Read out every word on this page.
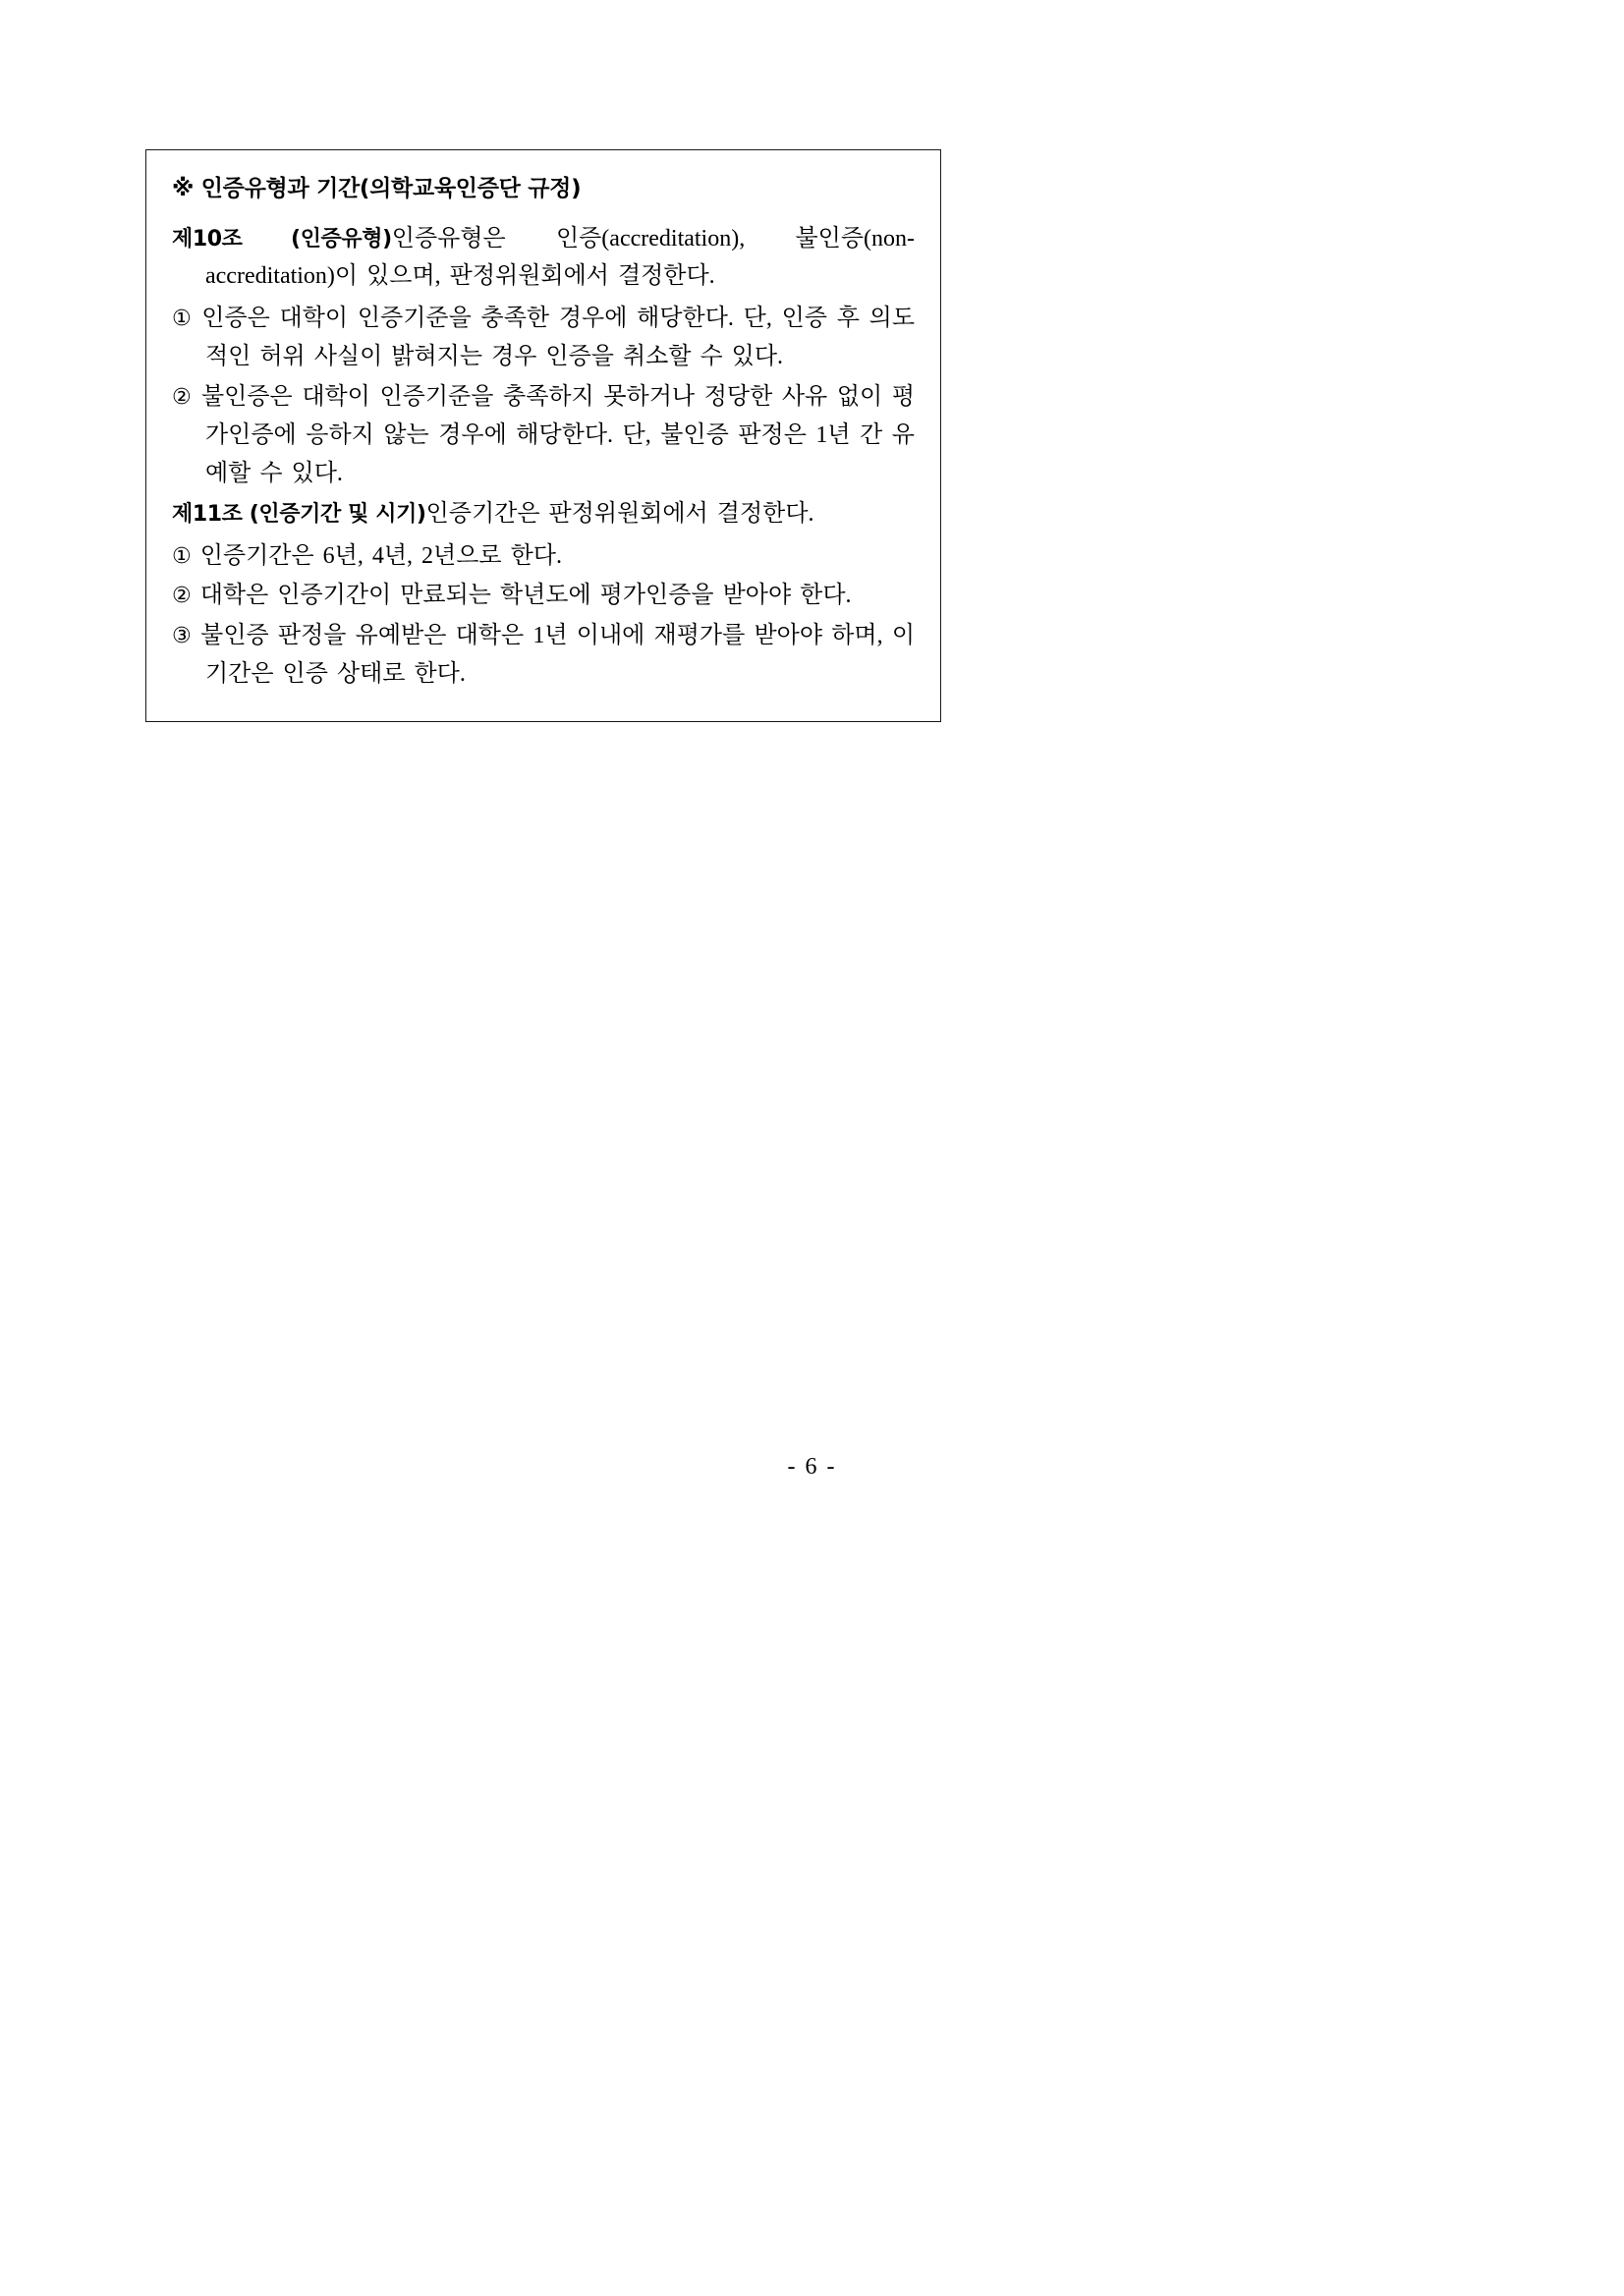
※ 인증유형과 기간(의학교육인증단 규정)

제10조 (인증유형)인증유형은 인증(accreditation), 불인증(non-accreditation)이 있으며, 판정위원회에서 결정한다.

① 인증은 대학이 인증기준을 충족한 경우에 해당한다. 단, 인증 후 의도적인 허위 사실이 밝혀지는 경우 인증을 취소할 수 있다.

② 불인증은 대학이 인증기준을 충족하지 못하거나 정당한 사유 없이 평가인증에 응하지 않는 경우에 해당한다. 단, 불인증 판정은 1년 간 유예할 수 있다.

제11조 (인증기간 및 시기)인증기간은 판정위원회에서 결정한다.

① 인증기간은 6년, 4년, 2년으로 한다.

② 대학은 인증기간이 만료되는 학년도에 평가인증을 받아야 한다.

③ 불인증 판정을 유예받은 대학은 1년 이내에 재평가를 받아야 하며, 이 기간은 인증 상태로 한다.

- 6 -
